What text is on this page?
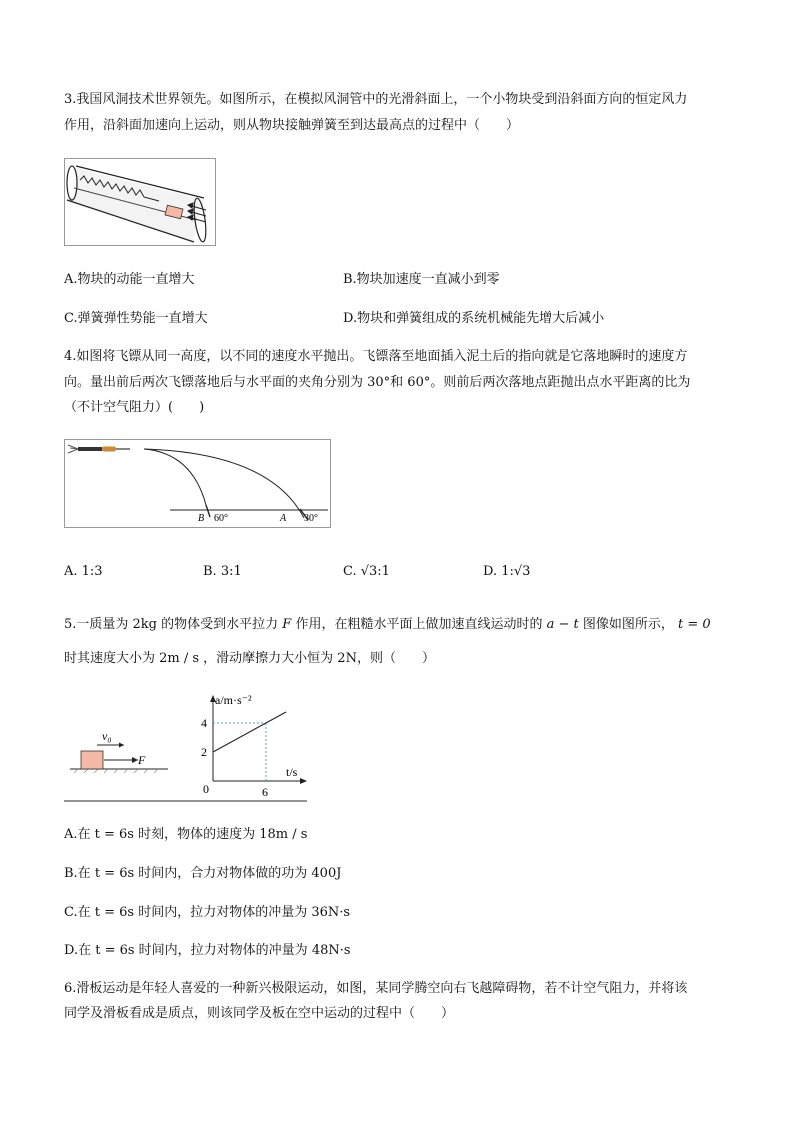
3.我国风洞技术世界领先。如图所示，在模拟风洞管中的光滑斜面上，一个小物块受到沿斜面方向的恒定风力
作用，沿斜面加速向上运动，则从物块接触弹簧至到达最高点的过程中（　　）
A.物块的动能一直增大	B.物块加速度一直减小到零
C.弹簧弹性势能一直增大	D.物块和弹簧组成的系统机械能先增大后减小
4.如图将飞镖从同一高度，以不同的速度水平抛出。飞镖落至地面插入泥土后的指向就是它落地瞬时的速度方
向。量出前后两次飞镖落地后与水平面的夹角分别为 30°和 60°。则前后两次落地点距抛出点水平距离的比为
（不计空气阻力）(　　)
B 60°	A 30°
A. 1:3	B. 3:1	C. √3:1	D. 1:√3
5.一质量为 2kg 的物体受到水平拉力 F 作用，在粗糙水平面上做加速直线运动时的 a − t 图像如图所示， t = 0
时其速度大小为 2m / s ，滑动摩擦力大小恒为 2N，则（　　）
v₀
F
a/m·s⁻²
t/s
4
2
0	6
A.在 t = 6s 时刻，物体的速度为 18m / s
B.在 t = 6s 时间内，合力对物体做的功为 400J
C.在 t = 6s 时间内，拉力对物体的冲量为 36N·s
D.在 t = 6s 时间内，拉力对物体的冲量为 48N·s
6.滑板运动是年轻人喜爱的一种新兴极限运动，如图，某同学腾空向右飞越障碍物，若不计空气阻力，并将该
同学及滑板看成是质点，则该同学及板在空中运动的过程中（　　）
